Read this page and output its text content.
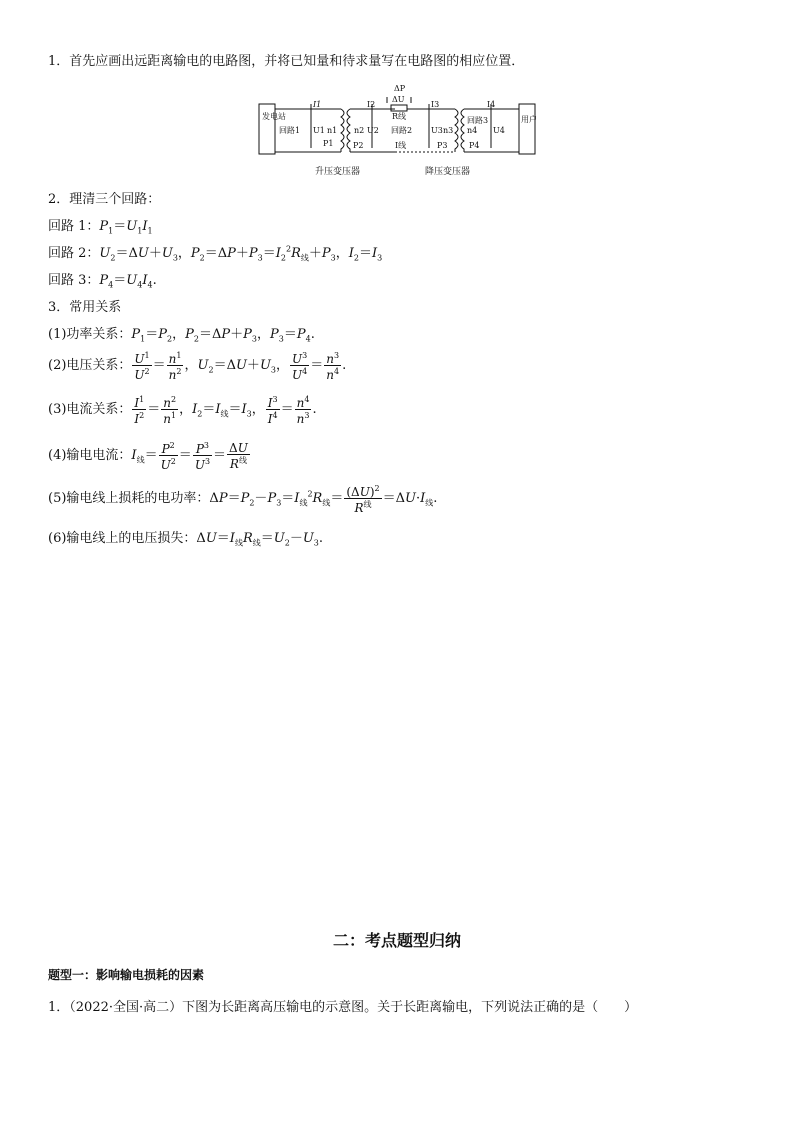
1．首先应画出远距离输电的电路图，并将已知量和待求量写在电路图的相应位置．
发电站	用户
回路1	回路2
回路3
ΔP
ΔU
R线
I线
I1
U1
P1
n1 n2
I2
U2
P2
I3
U3
P3
n3 n4 U4
P4
I4
升压变压器	降压变压器
2．理清三个回路：
回路 1：$P_1=U_1I_1$
回路 2：$U_2=\Delta U+U_3$，$P_2=\Delta P+P_3=I_2^2R_线+P_3$，$I_2=I_3$
回路 3：$P_4=U_4I_4$.
3．常用关系
(1)功率关系：$P_1=P_2$，$P_2=\Delta P+P_3$，$P_3=P_4$.
(2)电压关系： $\frac{U^1}{U^2} = \frac{n^1}{n^2}$ ，$U_2=\Delta U+U_3$， $\frac{U^3}{U^4} = \frac{n^3}{n^4}$ .
(3)电流关系： $\frac{I^1}{I^2} = \frac{n^2}{n^1}$ ，$I_2=I_线=I_3$， $\frac{I^3}{I^4} = \frac{n^4}{n^3}$ .
(4)输电电流：$I_线= \frac{P^2}{U^2} = \frac{P^3}{U^3} = \frac{\Delta U}{R^线}$
(5)输电线上损耗的电功率：$\Delta P=P_2-P_3=I_线^2R_线= \frac{(\Delta U)^2}{R^线} =\Delta U\cdot I_线$.
(6)输电线上的电压损失：$\Delta U=I_线R_线=U_2-U_3$.
二：考点题型归纳
题型一：影响输电损耗的因素
1．（2022·全国·高二）下图为长距离高压输电的示意图。关于长距离输电，下列说法正确的是（　　）
